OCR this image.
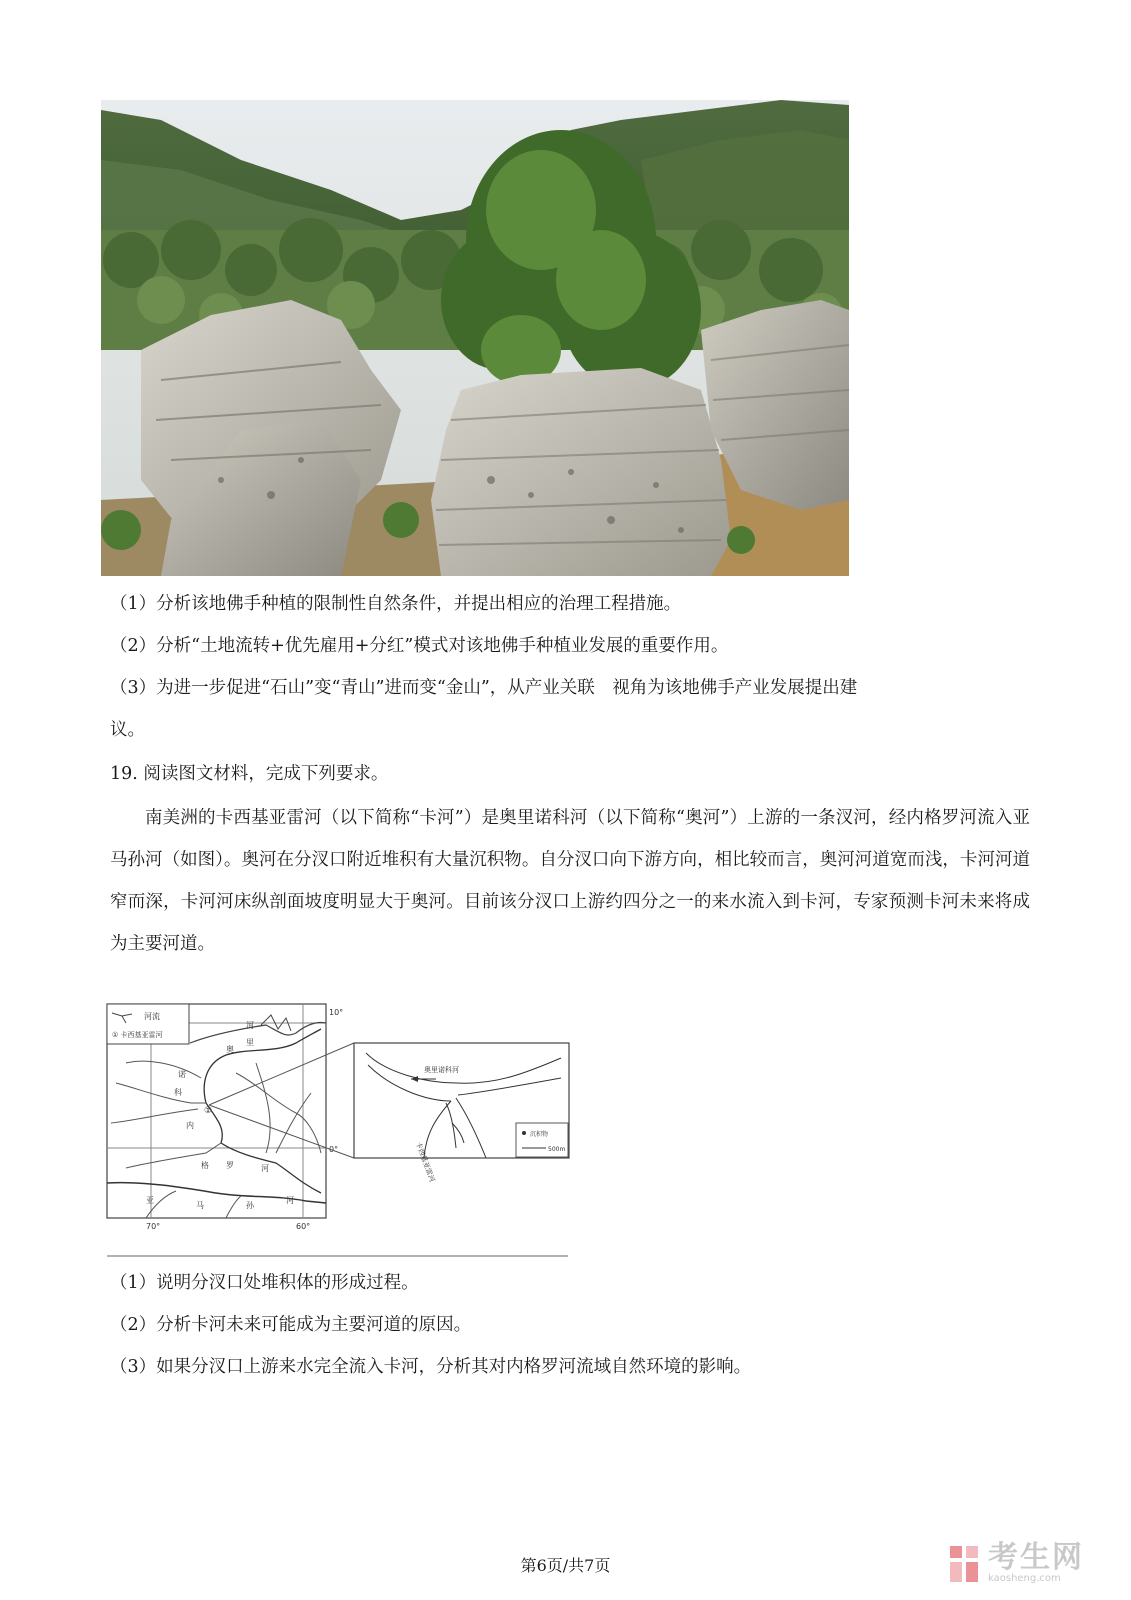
（1）分析该地佛手种植的限制性自然条件，并提出相应的治理工程措施。
（2）分析“土地流转+优先雇用+分红”模式对该地佛手种植业发展的重要作用。
（3）为进一步促进“石山”变“青山”进而变“金山”，从产业关联　视角为该地佛手产业发展提出建
议。
19. 阅读图文材料，完成下列要求。
南美洲的卡西基亚雷河（以下简称“卡河”）是奥里诺科河（以下简称“奥河”）上游的一条汊河，经内格罗河流入亚马孙河（如图）。奥河在分汊口附近堆积有大量沉积物。自分汊口向下游方向，相比较而言，奥河河道宽而浅，卡河河道窄而深，卡河河床纵剖面坡度明显大于奥河。目前该分汊口上游约四分之一的来水流入到卡河，专家预测卡河未来将成为主要河道。
河流
① 卡西基亚雷河
奥
里
诺
科
河
内
格 罗	河
亚
马	孙
河
①
10°
0°
70°	60°
奥里诺科河
卡西基亚雷河
沉积物
500m
（1）说明分汊口处堆积体的形成过程。
（2）分析卡河未来可能成为主要河道的原因。
（3）如果分汊口上游来水完全流入卡河，分析其对内格罗河流域自然环境的影响。
第6页/共7页	考生网
kaosheng.com
